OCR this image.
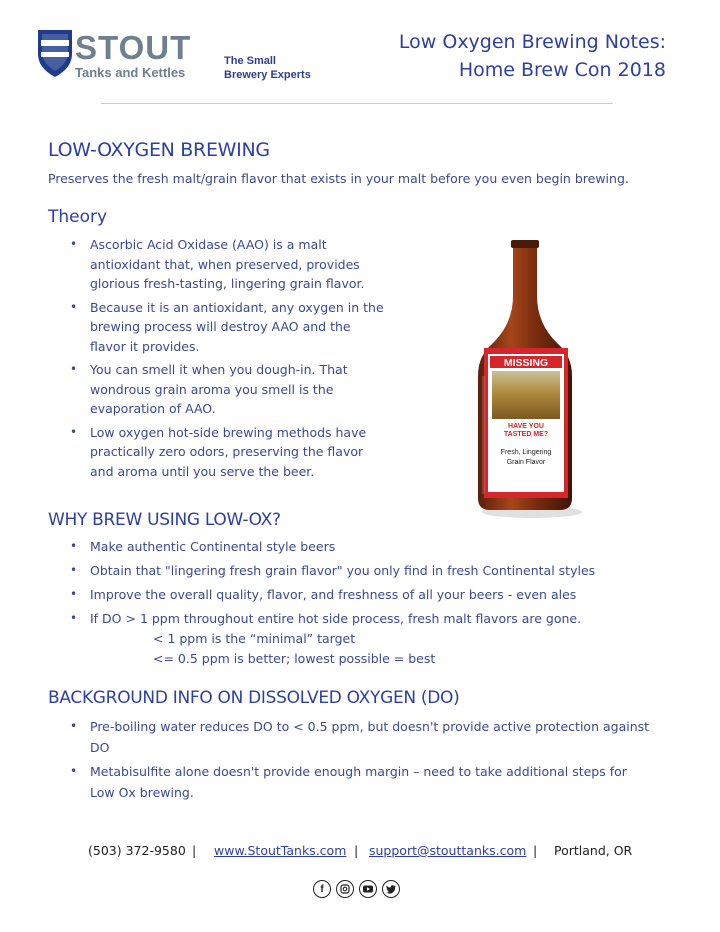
STOUT
Tanks and Kettles
The Small
Brewery Experts
Low Oxygen Brewing Notes:
Home Brew Con 2018
LOW-OXYGEN BREWING
Preserves the fresh malt/grain flavor that exists in your malt before you even begin brewing.
Theory
• Ascorbic Acid Oxidase (AAO) is a malt antioxidant that, when preserved, provides glorious fresh-tasting, lingering grain flavor.
• Because it is an antioxidant, any oxygen in the brewing process will destroy AAO and the flavor it provides.
• You can smell it when you dough-in. That wondrous grain aroma you smell is the evaporation of AAO.
• Low oxygen hot-side brewing methods have practically zero odors, preserving the flavor and aroma until you serve the beer.
MISSING
HAVE YOU
TASTED ME?
Fresh, Lingering
Grain Flavor
WHY BREW USING LOW-OX?
• Make authentic Continental style beers
• Obtain that "lingering fresh grain flavor" you only find in fresh Continental styles
• Improve the overall quality, flavor, and freshness of all your beers - even ales
• If DO > 1 ppm throughout entire hot side process, fresh malt flavors are gone.
< 1 ppm is the “minimal” target
<= 0.5 ppm is better; lowest possible = best
BACKGROUND INFO ON DISSOLVED OXYGEN (DO)
• Pre-boiling water reduces DO to < 0.5 ppm, but doesn't provide active protection against DO
• Metabisulfite alone doesn't provide enough margin – need to take additional steps for Low Ox brewing.
(503) 372-9580 | www.StoutTanks.com | support@stouttanks.com | Portland, OR
f
